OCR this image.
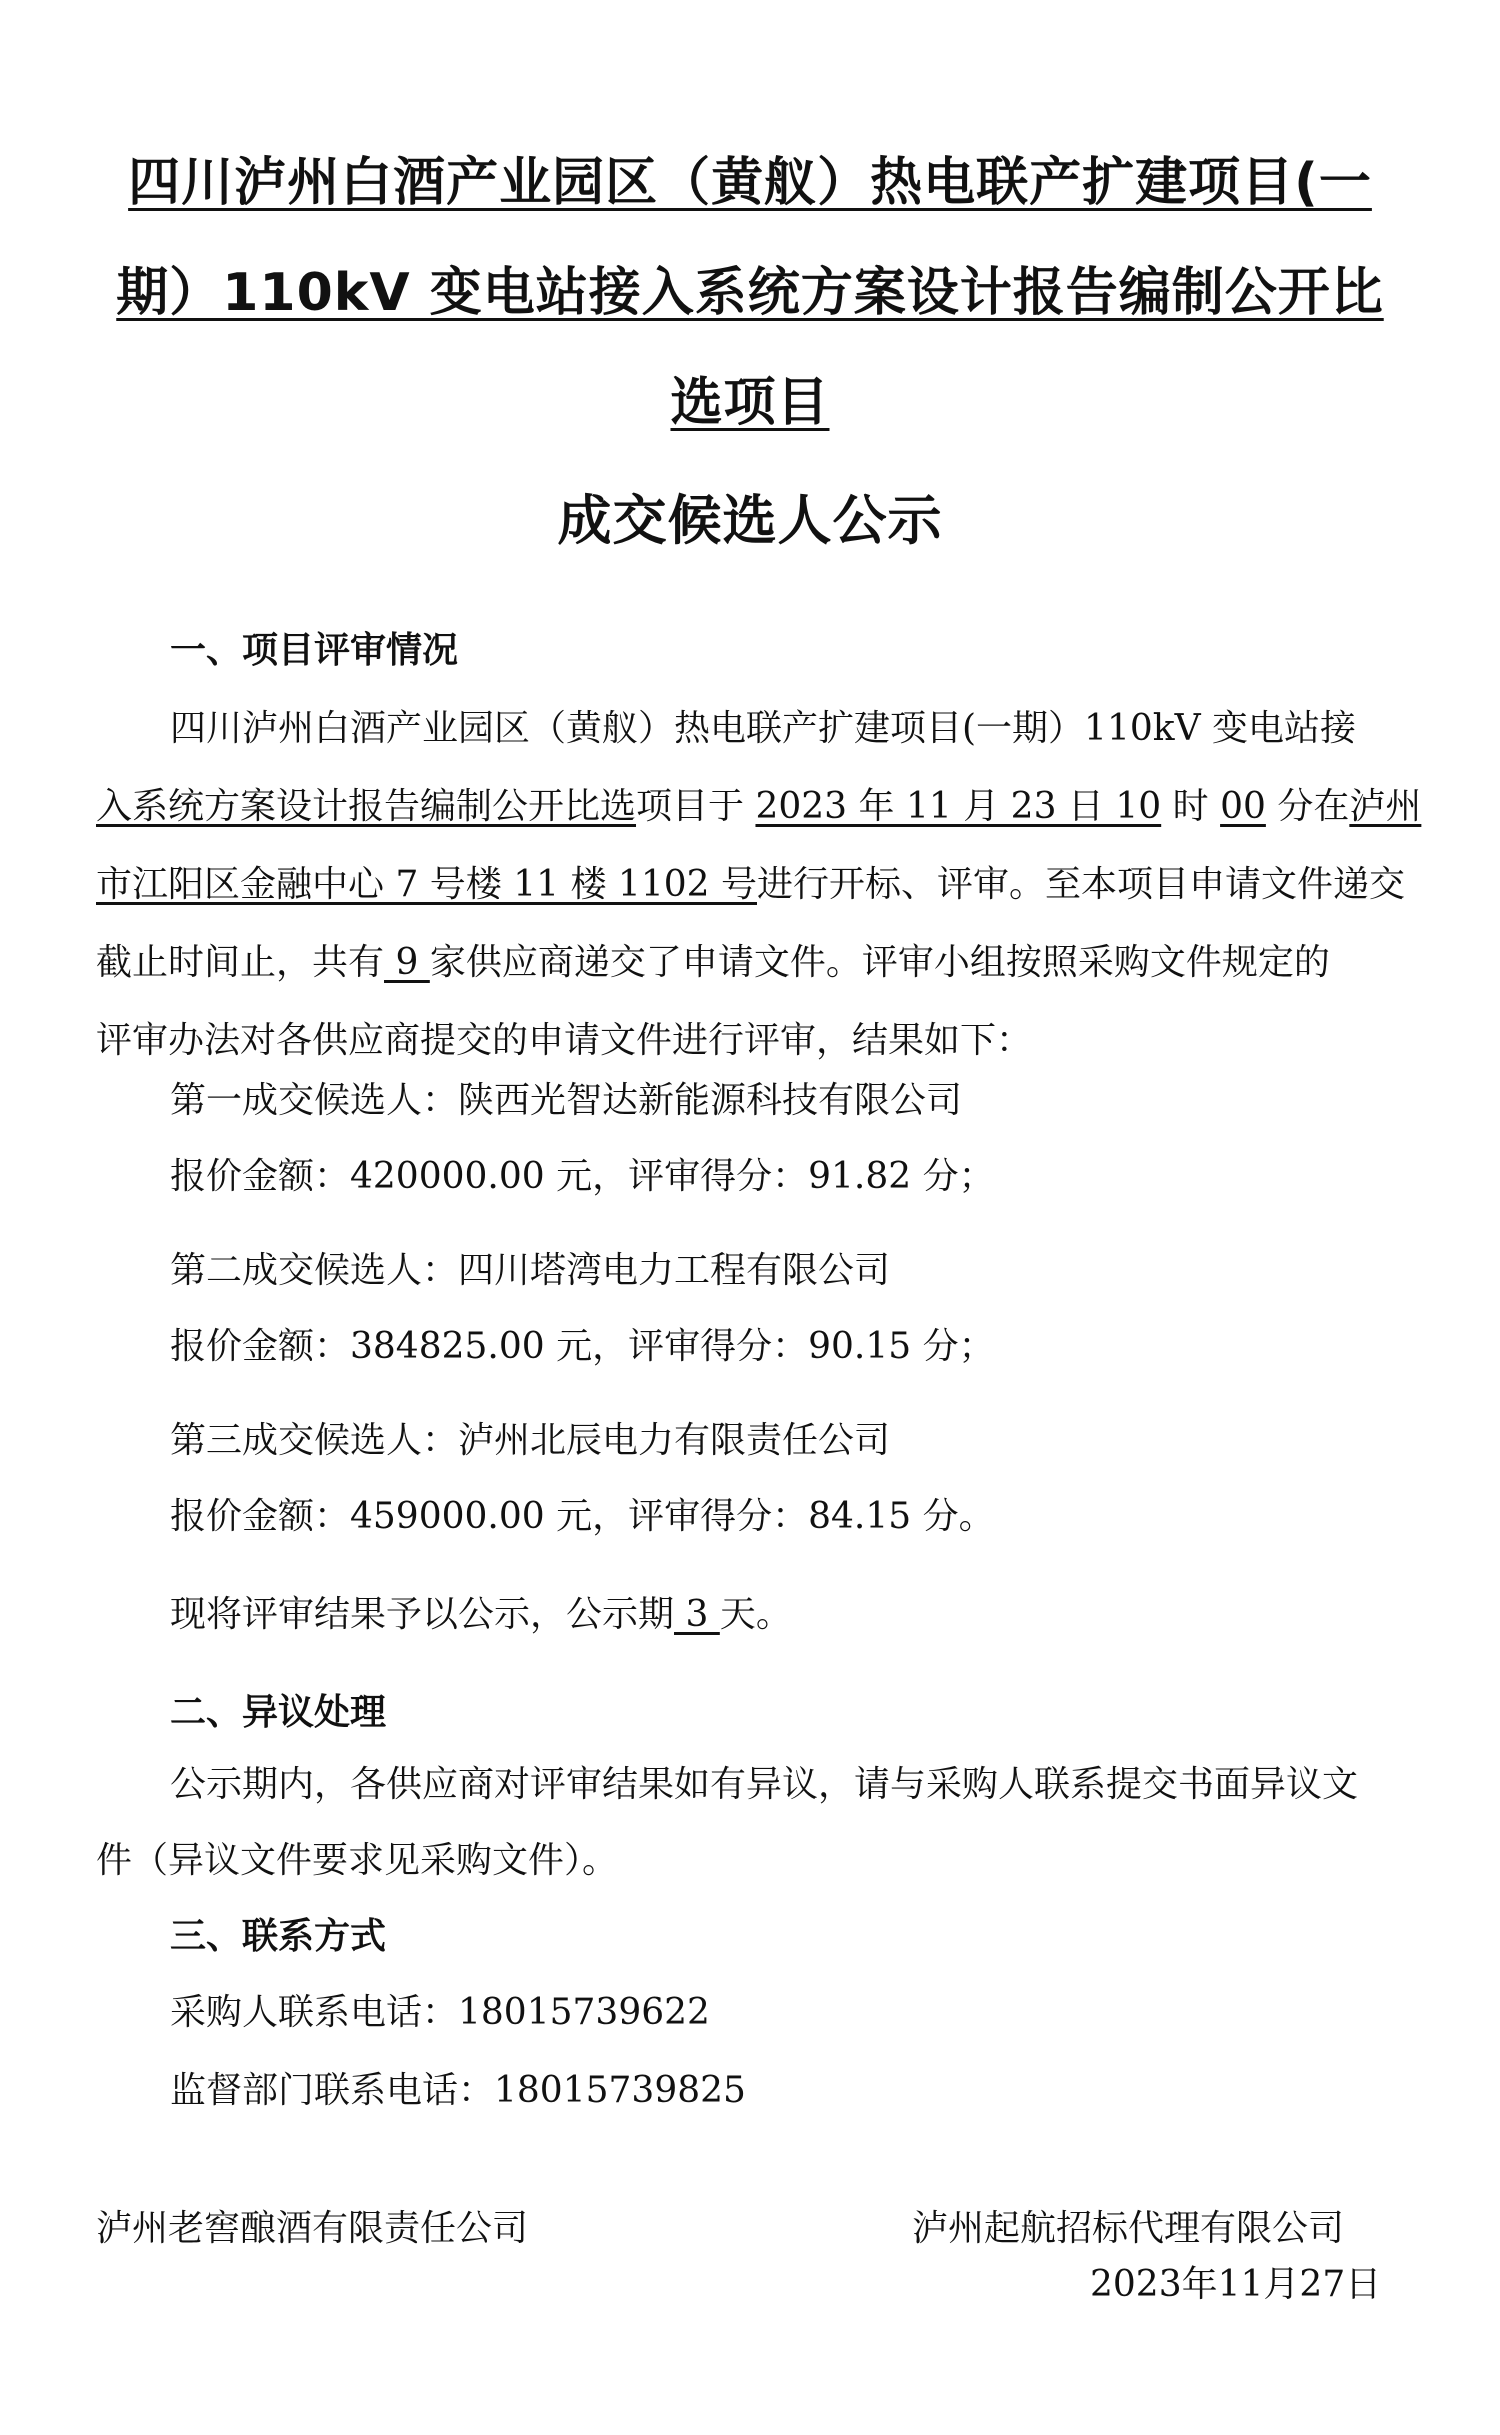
四川泸州白酒产业园区（黄舣）热电联产扩建项目(一
期）110kV 变电站接入系统方案设计报告编制公开比
选项目
成交候选人公示
一、项目评审情况
四川泸州白酒产业园区（黄舣）热电联产扩建项目(一期）110kV 变电站接
入系统方案设计报告编制公开比选项目于 2023 年 11 月 23 日 10 时 00 分在泸州
市江阳区金融中心 7 号楼 11 楼 1102 号进行开标、评审。至本项目申请文件递交
截止时间止，共有 9 家供应商递交了申请文件。评审小组按照采购文件规定的
评审办法对各供应商提交的申请文件进行评审，结果如下：
第一成交候选人：陕西光智达新能源科技有限公司
报价金额：420000.00 元，评审得分：91.82 分；
第二成交候选人：四川塔湾电力工程有限公司
报价金额：384825.00 元，评审得分：90.15 分；
第三成交候选人：泸州北辰电力有限责任公司
报价金额：459000.00 元，评审得分：84.15 分。
现将评审结果予以公示，公示期 3 天。
二、异议处理
公示期内，各供应商对评审结果如有异议，请与采购人联系提交书面异议文
件（异议文件要求见采购文件）。
三、联系方式
采购人联系电话：18015739622
监督部门联系电话：18015739825
泸州老窖酿酒有限责任公司	泸州起航招标代理有限公司
2023年11月27日
